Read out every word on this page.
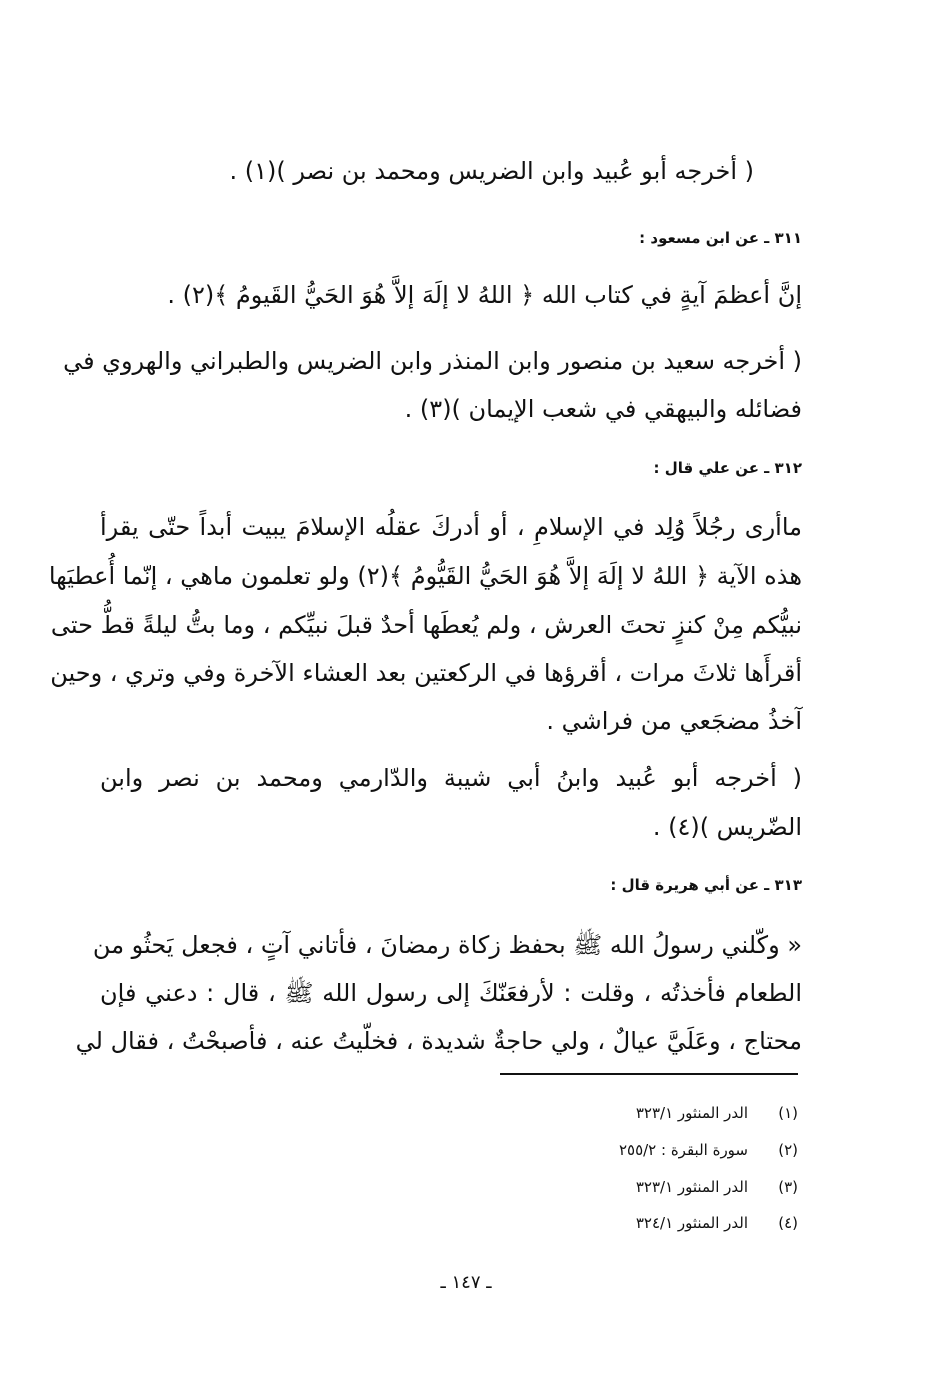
( أخرجه أبو عُبيد وابن الضريس ومحمد بن نصر )(١) .
٣١١ ـ عن ابن مسعود :
إنَّ أعظمَ آيةٍ في كتاب الله ﴿ اللهُ لا إلَهَ إلاَّ هُوَ الحَيُّ القَيومُ ﴾(٢) .
( أخرجه سعيد بن منصور وابن المنذر وابن الضريس والطبراني والهروي في
فضائله والبيهقي في شعب الإيمان )(٣) .
٣١٢ ـ عن علي قال :
ماأرى رجُلاً وُلِد في الإسلامِ ، أو أدركَ عقلُه الإسلامَ يبيت أبداً حتّى يقرأ
هذه الآية ﴿ اللهُ لا إلَهَ إلاَّ هُوَ الحَيُّ القَيُّومُ ﴾(٢) ولو تعلمون ماهي ، إنّما أُعطيَها
نبيُّكم مِنْ كنزٍ تحتَ العرش ، ولم يُعطَها أحدٌ قبلَ نبيِّكم ، وما بتُّ ليلةً قطُّ حتى
أقرأَها ثلاثَ مرات ، أقرؤها في الركعتين بعد العشاء الآخرة وفي وتري ، وحين
آخذُ مضجَعي من فراشي .
( أخرجه أبو عُبيد وابنُ أبي شيبة والدّارمي ومحمد بن نصر وابن
الضّريس )(٤) .
٣١٣ ـ عن أبي هريرة قال :
« وكّلني رسولُ الله ﷺ بحفظ زكاة رمضانَ ، فأتاني آتٍ ، فجعل يَحثُو من
الطعام فأخذتُه ، وقلت : لأرفعَنّكَ إلى رسول الله ﷺ ، قال : دعني فإن
محتاج ، وعَلَيَّ عيالٌ ، ولي حاجةٌ شديدة ، فخلّيتُ عنه ، فأصبحْتُ ، فقال لي
(١)
الدر المنثور ٣٢٣/١
(٢)
سورة البقرة : ٢٥٥/٢
(٣)
الدر المنثور ٣٢٣/١
(٤)
الدر المنثور ٣٢٤/١
ـ ١٤٧ ـ
